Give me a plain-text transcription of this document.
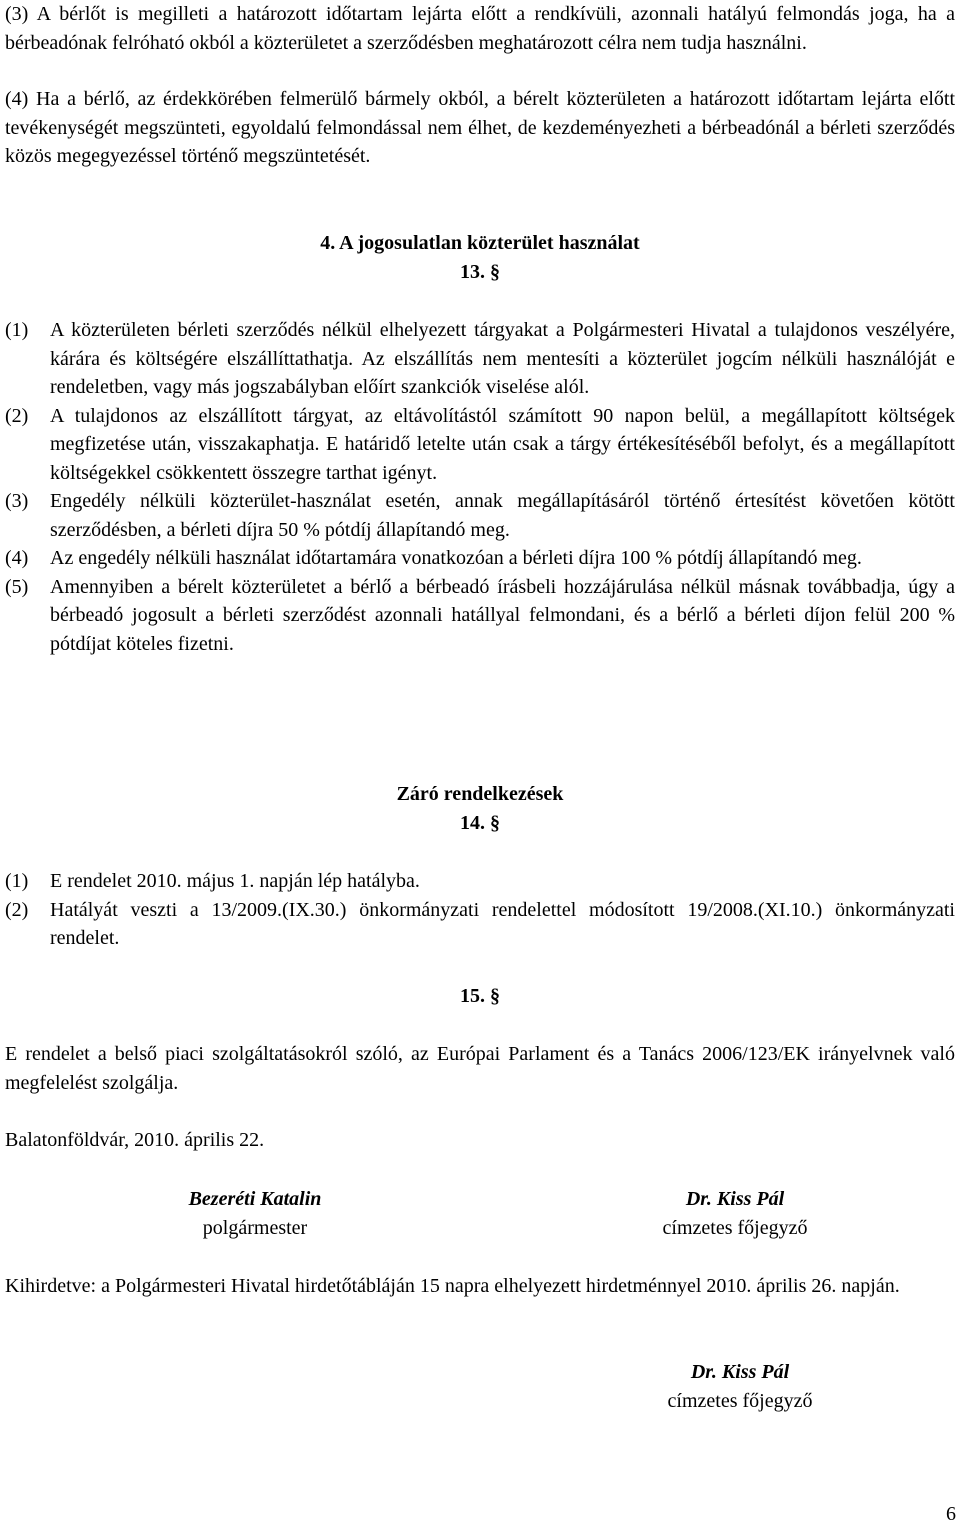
(3) A bérlőt is megilleti a határozott időtartam lejárta előtt a rendkívüli, azonnali hatályú felmondás joga, ha a bérbeadónak felróható okból a közterületet a szerződésben meghatározott célra nem tudja használni.

(4) Ha a bérlő, az érdekkörében felmerülő bármely okból, a bérelt közterületen a határozott időtartam lejárta előtt tevékenységét megszünteti, egyoldalú felmondással nem élhet, de kezdeményezheti a bérbeadónál a bérleti szerződés közös megegyezéssel történő megszüntetését.

4. A jogosulatlan közterület használat

13. §

(1)	A közterületen bérleti szerződés nélkül elhelyezett tárgyakat a Polgármesteri Hivatal a tulajdonos veszélyére, kárára és költségére elszállíttathatja. Az elszállítás nem mentesíti a közterület jogcím nélküli használóját e rendeletben, vagy más jogszabályban előírt szankciók viselése alól.
(2)	A tulajdonos az elszállított tárgyat, az eltávolítástól számított 90 napon belül, a megállapított költségek megfizetése után, visszakaphatja. E határidő letelte után csak a tárgy értékesítéséből befolyt, és a megállapított költségekkel csökkentett összegre tarthat igényt.
(3)	Engedély nélküli közterület-használat esetén, annak megállapításáról történő értesítést követően kötött szerződésben, a bérleti díjra 50 % pótdíj állapítandó meg.
(4)	Az engedély nélküli használat időtartamára vonatkozóan a bérleti díjra 100 % pótdíj állapítandó meg.
(5)	Amennyiben a bérelt közterületet a bérlő a bérbeadó írásbeli hozzájárulása nélkül másnak továbbadja, úgy a bérbeadó jogosult a bérleti szerződést azonnali hatállyal felmondani, és a bérlő a bérleti díjon felül 200 % pótdíjat köteles fizetni.

Záró rendelkezések

14. §

(1)	E rendelet 2010. május 1. napján lép hatályba.
(2)	Hatályát veszti a 13/2009.(IX.30.) önkormányzati rendelettel módosított 19/2008.(XI.10.) önkormányzati rendelet.

15. §

E rendelet a belső piaci szolgáltatásokról szóló, az Európai Parlament és a Tanács 2006/123/EK irányelvnek való megfelelést szolgálja.

Balatonföldvár, 2010. április 22.

Bezeréti Katalin
polgármester
Dr. Kiss Pál
címzetes főjegyző

Kihirdetve: a Polgármesteri Hivatal hirdetőtábláján 15 napra elhelyezett hirdetménnyel 2010. április 26. napján.

Dr. Kiss Pál
címzetes főjegyző
6
